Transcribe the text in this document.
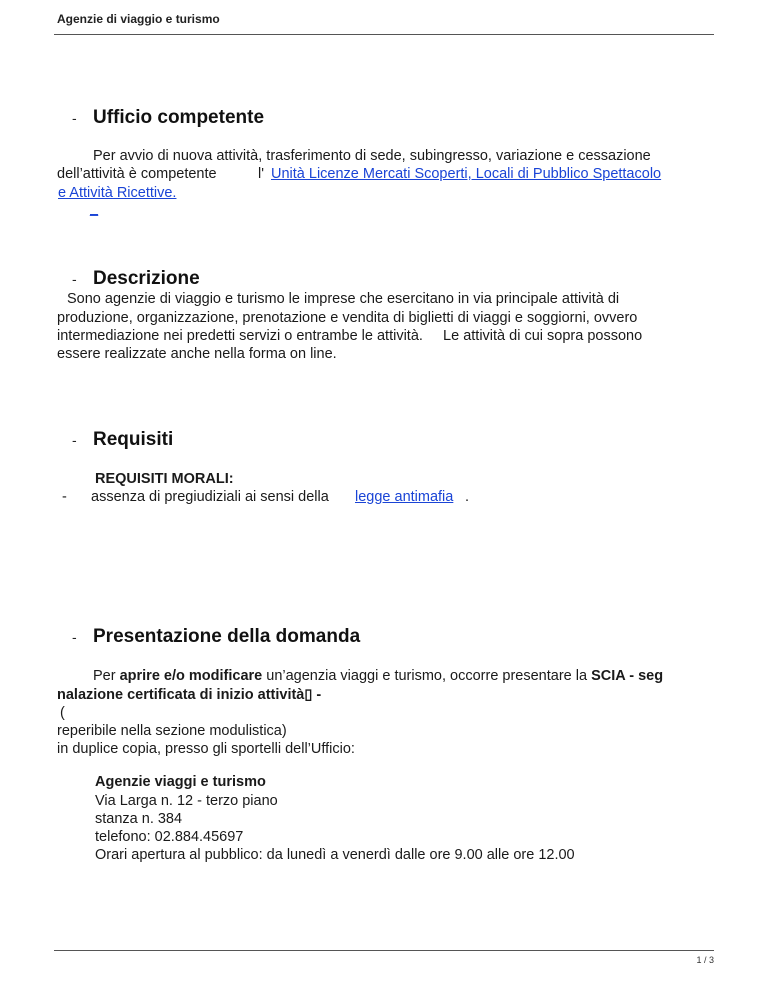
Agenzie di viaggio e turismo
- Ufficio competente
Per avvio di nuova attività, trasferimento di sede, subingresso, variazione e cessazione
dell’attività è competente	l' Unità Licenze Mercati Scoperti, Locali di Pubblico Spettacolo
e Attività Ricettive.
_
- Descrizione
Sono agenzie di viaggio e turismo le imprese che esercitano in via principale attività di
produzione, organizzazione, prenotazione e vendita di biglietti di viaggi e soggiorni, ovvero
intermediazione nei predetti servizi o entrambe le attività.     Le attività di cui sopra possono
essere realizzate anche nella forma on line.
- Requisiti
REQUISITI MORALI:
- assenza di pregiudiziali ai sensi della legge antimafia .
- Presentazione della domanda
Per aprire e/o modificare un’agenzia viaggi e turismo, occorre presentare la SCIA - seg
nalazione certificata di inizio attività▯ -
(
reperibile nella sezione modulistica)
in duplice copia, presso gli sportelli dell’Ufficio:
Agenzie viaggi e turismo
Via Larga n. 12 - terzo piano
stanza n. 384
telefono: 02.884.45697
Orari apertura al pubblico: da lunedì a venerdì dalle ore 9.00 alle ore 12.00
1 / 3
